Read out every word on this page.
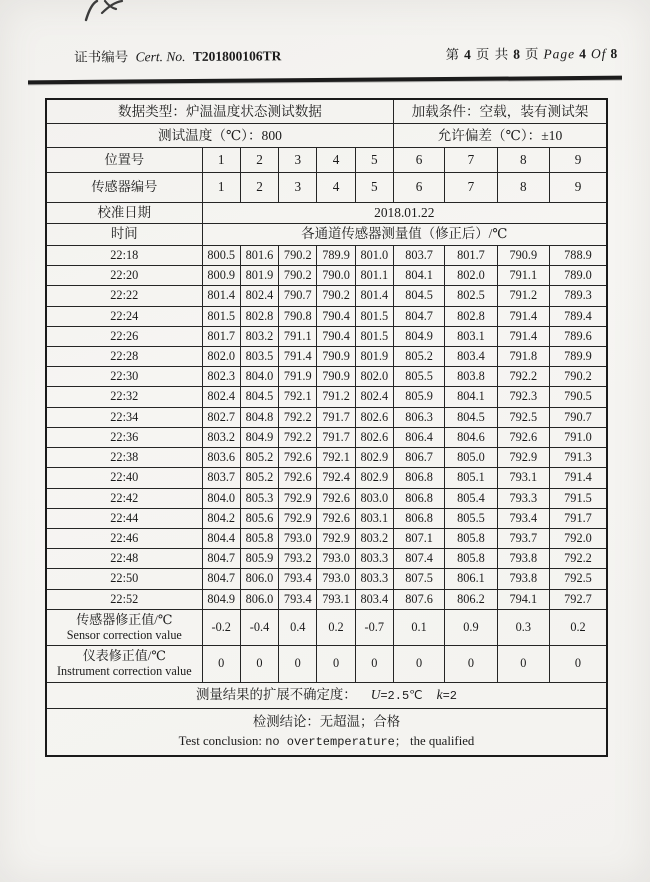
证书编号 Cert. No. T201800106TR	第 4 页 共 8 页 Page 4 Of 8
数据类型：炉温温度状态测试数据						加载条件：空载，装有测试架			
测试温度（℃）：800						允许偏差（℃）：±10			
位置号	1	2	3	4	5	6	7	8	9
传感器编号	1	2	3	4	5	6	7	8	9
校准日期	2018.01.22								
时间	各通道传感器测量值（修正后）/℃								
22:18	800.5	801.6	790.2	789.9	801.0	803.7	801.7	790.9	788.9
22:20	800.9	801.9	790.2	790.0	801.1	804.1	802.0	791.1	789.0
22:22	801.4	802.4	790.7	790.2	801.4	804.5	802.5	791.2	789.3
22:24	801.5	802.8	790.8	790.4	801.5	804.7	802.8	791.4	789.4
22:26	801.7	803.2	791.1	790.4	801.5	804.9	803.1	791.4	789.6
22:28	802.0	803.5	791.4	790.9	801.9	805.2	803.4	791.8	789.9
22:30	802.3	804.0	791.9	790.9	802.0	805.5	803.8	792.2	790.2
22:32	802.4	804.5	792.1	791.2	802.4	805.9	804.1	792.3	790.5
22:34	802.7	804.8	792.2	791.7	802.6	806.3	804.5	792.5	790.7
22:36	803.2	804.9	792.2	791.7	802.6	806.4	804.6	792.6	791.0
22:38	803.6	805.2	792.6	792.1	802.9	806.7	805.0	792.9	791.3
22:40	803.7	805.2	792.6	792.4	802.9	806.8	805.1	793.1	791.4
22:42	804.0	805.3	792.9	792.6	803.0	806.8	805.4	793.3	791.5
22:44	804.2	805.6	792.9	792.6	803.1	806.8	805.5	793.4	791.7
22:46	804.4	805.8	793.0	792.9	803.2	807.1	805.8	793.7	792.0
22:48	804.7	805.9	793.2	793.0	803.3	807.4	805.8	793.8	792.2
22:50	804.7	806.0	793.4	793.0	803.3	807.5	806.1	793.8	792.5
22:52	804.9	806.0	793.4	793.1	803.4	807.6	806.2	794.1	792.7
传感器修正值/℃
Sensor correction value	-0.2	-0.4	0.4	0.2	-0.7	0.1	0.9	0.3	0.2
仪表修正值/℃
Instrument correction value	0	0	0	0	0	0	0	0	0
测量结果的扩展不确定度： U=2.5℃ k=2									

检测结论：无超温；合格
Test conclusion: no overtemperature； the qualified									
